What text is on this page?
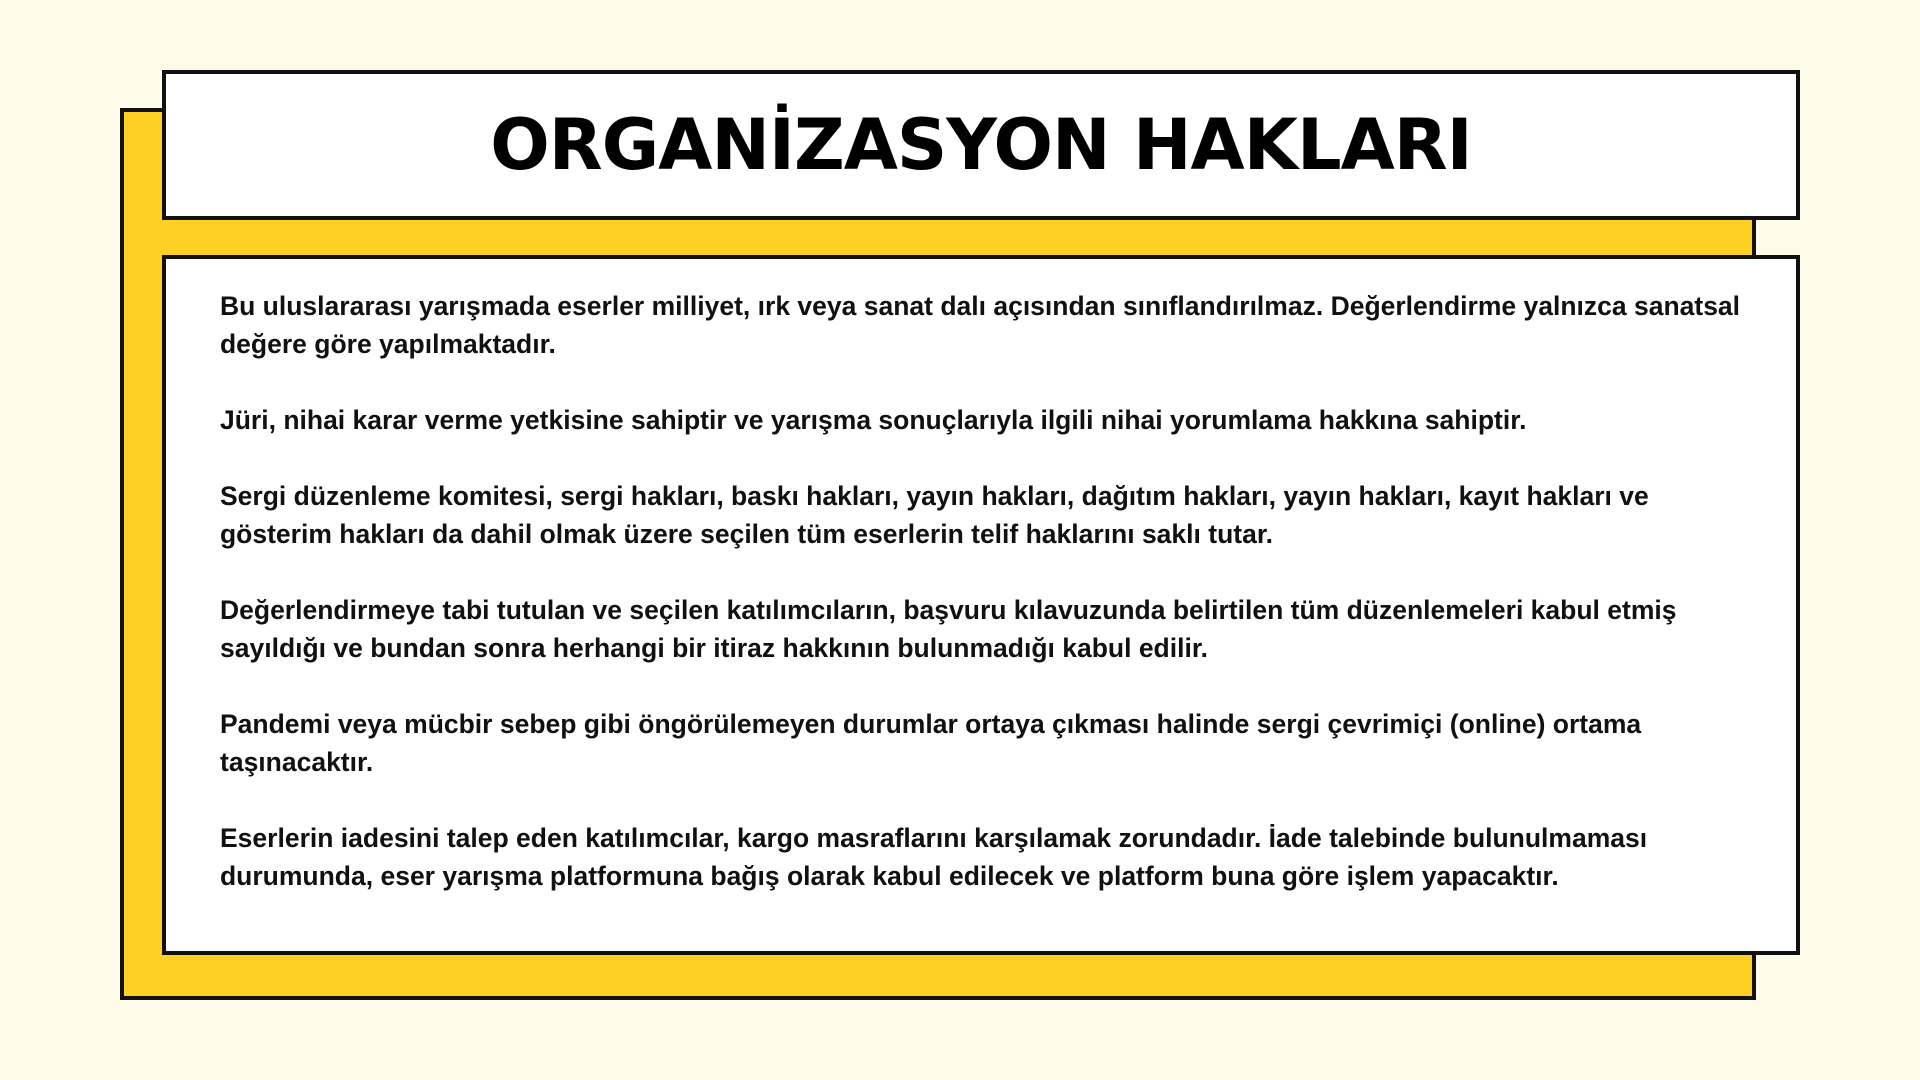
ORGANİZASYON HAKLARI

Bu uluslararası yarışmada eserler milliyet, ırk veya sanat dalı açısından sınıflandırılmaz. Değerlendirme yalnızca sanatsal değere göre yapılmaktadır.

Jüri, nihai karar verme yetkisine sahiptir ve yarışma sonuçlarıyla ilgili nihai yorumlama hakkına sahiptir.

Sergi düzenleme komitesi, sergi hakları, baskı hakları, yayın hakları, dağıtım hakları, yayın hakları, kayıt hakları ve gösterim hakları da dahil olmak üzere seçilen tüm eserlerin telif haklarını saklı tutar.

Değerlendirmeye tabi tutulan ve seçilen katılımcıların, başvuru kılavuzunda belirtilen tüm düzenlemeleri kabul etmiş sayıldığı ve bundan sonra herhangi bir itiraz hakkının bulunmadığı kabul edilir.

Pandemi veya mücbir sebep gibi öngörülemeyen durumlar ortaya çıkması halinde sergi çevrimiçi (online) ortama taşınacaktır.

Eserlerin iadesini talep eden katılımcılar, kargo masraflarını karşılamak zorundadır. İade talebinde bulunulmaması durumunda, eser yarışma platformuna bağış olarak kabul edilecek ve platform buna göre işlem yapacaktır.
